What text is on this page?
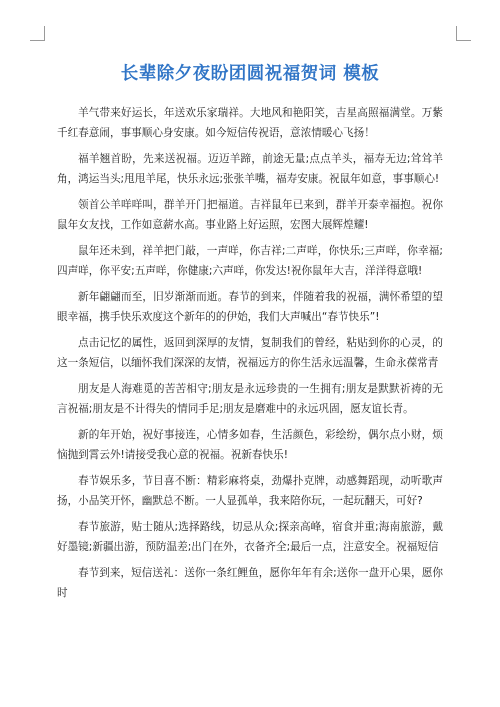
长辈除夕夜盼团圆祝福贺词 模板

羊气带来好运长，年送欢乐家瑞祥。大地风和艳阳笑，吉星高照福满堂。万紫千红春意闹，事事顺心身安康。如今短信传祝语，意浓情暖心飞扬！

福羊翘首盼，先来送祝福。迈迈羊蹄，前途无量;点点羊头，福寿无边;耸耸羊角，鸿运当头;甩甩羊尾，快乐永远;张张羊嘴，福寿安康。祝鼠年如意，事事顺心!

领首公羊咩咩叫，群羊开门把福道。吉祥鼠年已来到，群羊开泰幸福抱。祝你鼠年女友找，工作如意薪水高。事业路上好运照，宏图大展辉煌耀!

鼠年还未到，祥羊把门敲，一声咩，你吉祥;二声咩，你快乐;三声咩，你幸福;四声咩，你平安;五声咩，你健康;六声咩，你发达!祝你鼠年大吉，洋洋得意哦!

新年翩翩而至，旧岁渐渐而逝。春节的到来，伴随着我的祝福，满怀希望的望眼幸福，携手快乐欢度这个新年的的伊始，我们大声喊出“春节快乐”!

点击记忆的属性，返回到深厚的友情，复制我们的曾经，粘贴到你的心灵，的这一条短信，以缅怀我们深深的友情，祝福远方的你生活永远温馨，生命永葆常青

朋友是人海难觅的苦苦相守;朋友是永远珍贵的一生拥有;朋友是默默祈祷的无言祝福;朋友是不计得失的情同手足;朋友是磨难中的永远巩固，愿友谊长青。

新的年开始，祝好事接连，心情多如春，生活颜色，彩绘纷，偶尔点小财，烦恼抛到霄云外!请接受我心意的祝福。祝新春快乐!

春节娱乐多，节目喜不断：精彩麻将桌，劲爆扑克牌，动感舞蹈现，动听歌声扬，小品笑开怀，幽默总不断。一人显孤单，我来陪你玩，一起玩翻天，可好?

春节旅游，贴士随从;选择路线，切忌从众;探亲高峰，宿食并重;海南旅游，戴好墨镜;新疆出游，预防温差;出门在外，衣备齐全;最后一点，注意安全。祝福短信

春节到来，短信送礼：送你一条红鲤鱼，愿你年年有余;送你一盘开心果，愿你时
